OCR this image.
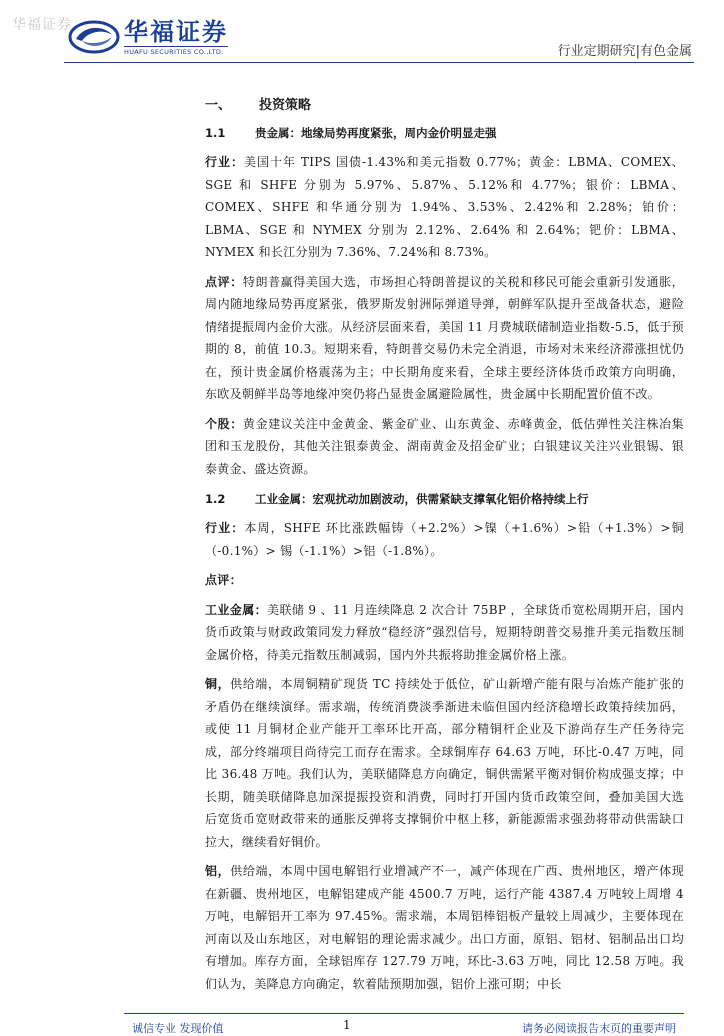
华福证券 华福证券
HUAFU SECURITIES CO.,LTD.	行业定期研究|有色金属
一、	投资策略
1.1	贵金属：地缘局势再度紧张，周内金价明显走强

行业：美国十年 TIPS 国债-1.43%和美元指数 0.77%；黄金：LBMA、COMEX、SGE 和 SHFE 分别为 5.97%、5.87%、5.12%和 4.77%；银价：LBMA、COMEX、SHFE 和华通分别为 1.94%、3.53%、2.42%和 2.28%；铂价：LBMA、SGE 和 NYMEX 分别为 2.12%、2.64% 和 2.64%；钯价：LBMA、NYMEX 和长江分别为 7.36%、7.24%和 8.73%。

点评：特朗普赢得美国大选，市场担心特朗普提议的关税和移民可能会重新引发通胀，周内随地缘局势再度紧张，俄罗斯发射洲际弹道导弹，朝鲜军队提升至战备状态，避险情绪提振周内金价大涨。从经济层面来看，美国 11 月费城联储制造业指数-5.5，低于预期的 8，前值 10.3。短期来看，特朗普交易仍未完全消退，市场对未来经济滞涨担忧仍在，预计贵金属价格震荡为主；中长期角度来看，全球主要经济体货币政策方向明确，东欧及朝鲜半岛等地缘冲突仍将凸显贵金属避险属性，贵金属中长期配置价值不改。

个股：黄金建议关注中金黄金、紫金矿业、山东黄金、赤峰黄金，低估弹性关注株冶集团和玉龙股份，其他关注银泰黄金、湖南黄金及招金矿业；白银建议关注兴业银锡、银泰黄金、盛达资源。

1.2	工业金属：宏观扰动加剧波动，供需紧缺支撑氧化铝价格持续上行

行业：本周，SHFE 环比涨跌幅铸（+2.2%）>镍（+1.6%）>铅（+1.3%）>铜（-0.1%）> 锡（-1.1%）>铝（-1.8%）。

点评：

工业金属：美联储 9 、11 月连续降息 2 次合计 75BP ，全球货币宽松周期开启，国内货币政策与财政政策同发力释放“稳经济”强烈信号，短期特朗普交易推升美元指数压制金属价格，待美元指数压制减弱，国内外共振将助推金属价格上涨。

铜，供给端，本周铜精矿现货 TC 持续处于低位，矿山新增产能有限与冶炼产能扩张的矛盾仍在继续演绎。需求端，传统消费淡季渐进未临但国内经济稳增长政策持续加码，或使 11 月铜材企业产能开工率环比开高，部分精铜杆企业及下游尚存生产任务待完成，部分终端项目尚待完工而存在需求。全球铜库存 64.63 万吨，环比-0.47 万吨，同比 36.48 万吨。我们认为，美联储降息方向确定，铜供需紧平衡对铜价构成强支撑；中长期，随美联储降息加深提振投资和消费，同时打开国内货币政策空间，叠加美国大选后宽货币宽财政带来的通胀反弹将支撑铜价中枢上移，新能源需求强劲将带动供需缺口拉大，继续看好铜价。

铝，供给端，本周中国电解铝行业增减产不一，减产体现在广西、贵州地区，增产体现在新疆、贵州地区，电解铝建成产能 4500.7 万吨，运行产能 4387.4 万吨较上周增 4 万吨，电解铝开工率为 97.45%。需求端，本周铝棒铝板产量较上周减少，主要体现在河南以及山东地区，对电解铝的理论需求减少。出口方面，原铝、铝材、铝制品出口均有增加。库存方面，全球铝库存 127.79 万吨，环比-3.63 万吨，同比 12.58 万吨。我们认为，美降息方向确定，软着陆预期加强，铝价上涨可期；中长

诚信专业 发现价值	1	请务必阅读报告末页的重要声明
